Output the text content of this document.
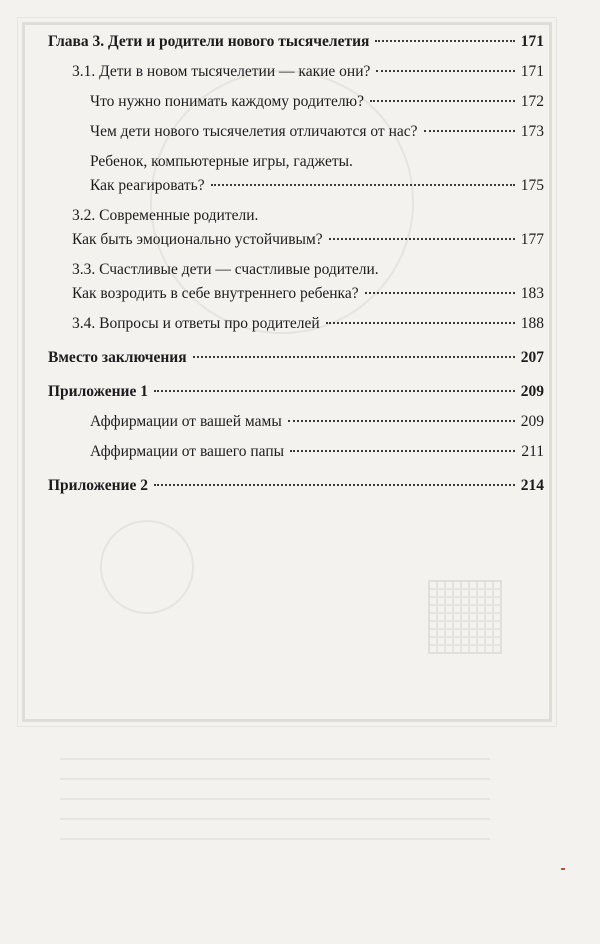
Глава 3. Дети и родители нового тысячелетия	171
3.1. Дети в новом тысячелетии — какие они?	171
Что нужно понимать каждому родителю?	172
Чем дети нового тысячелетия отличаются от нас?	173
Ребенок, компьютерные игры, гаджеты.
Как реагировать?	175
3.2. Современные родители.
Как быть эмоционально устойчивым?	177
3.3. Счастливые дети — счастливые родители.
Как возродить в себе внутреннего ребенка?	183
3.4. Вопросы и ответы про родителей	188
Вместо заключения	207
Приложение 1	209
Аффирмации от вашей мамы	209
Аффирмации от вашего папы	211
Приложение 2	214
